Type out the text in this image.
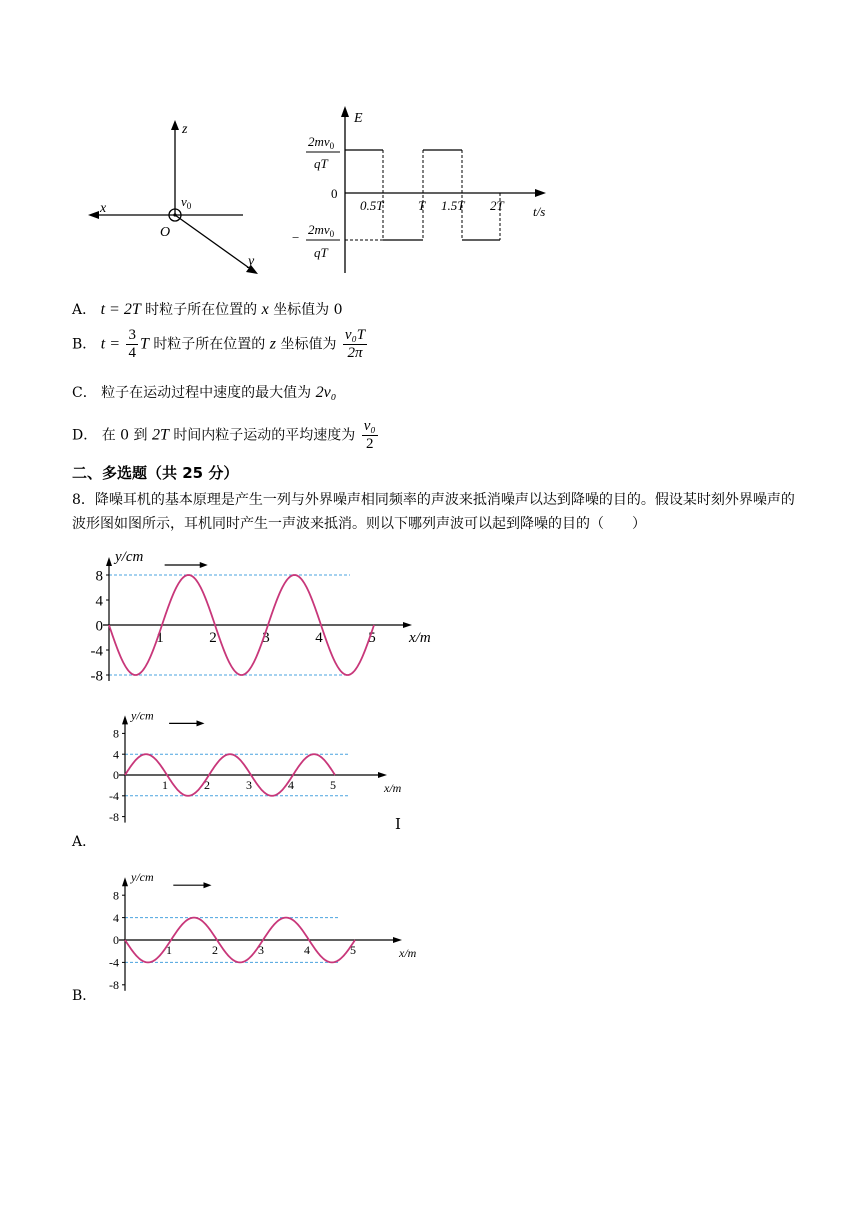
z
x
y
O
$v_0$
E
t/s
0
0.5T	T 1.5T 2T
$2mv_0$
qT
−
$2mv_0$
qT
A． t = 2T 时粒子所在位置的 x 坐标值为 0
B． $t = \frac{3}{4}$ T 时粒子所在位置的 z 坐标值为 $\frac{\text{v₀T}}{2\pi}$
C． 粒子在运动过程中速度的最大值为 2v₀
D． 在 0 到 2T 时间内粒子运动的平均速度为 $\frac{\text{v₀}}{2}$
二、多选题（共 25 分）
8．降噪耳机的基本原理是产生一列与外界噪声相同频率的声波来抵消噪声以达到降噪的目的。假设某时刻外界噪声的波形图如图所示，耳机同时产生一声波来抵消。则以下哪列声波可以起到降噪的目的（　　）
y/cm
x/m
8
4
0
-4
-8
1	2	3	4	5
y/cm
x/m
8
4
0
-4
-8
1	2	3	4	5
y/cm
x/m
8
4
0
-4
-8
1	2	3	4	5
I
A．
B．
